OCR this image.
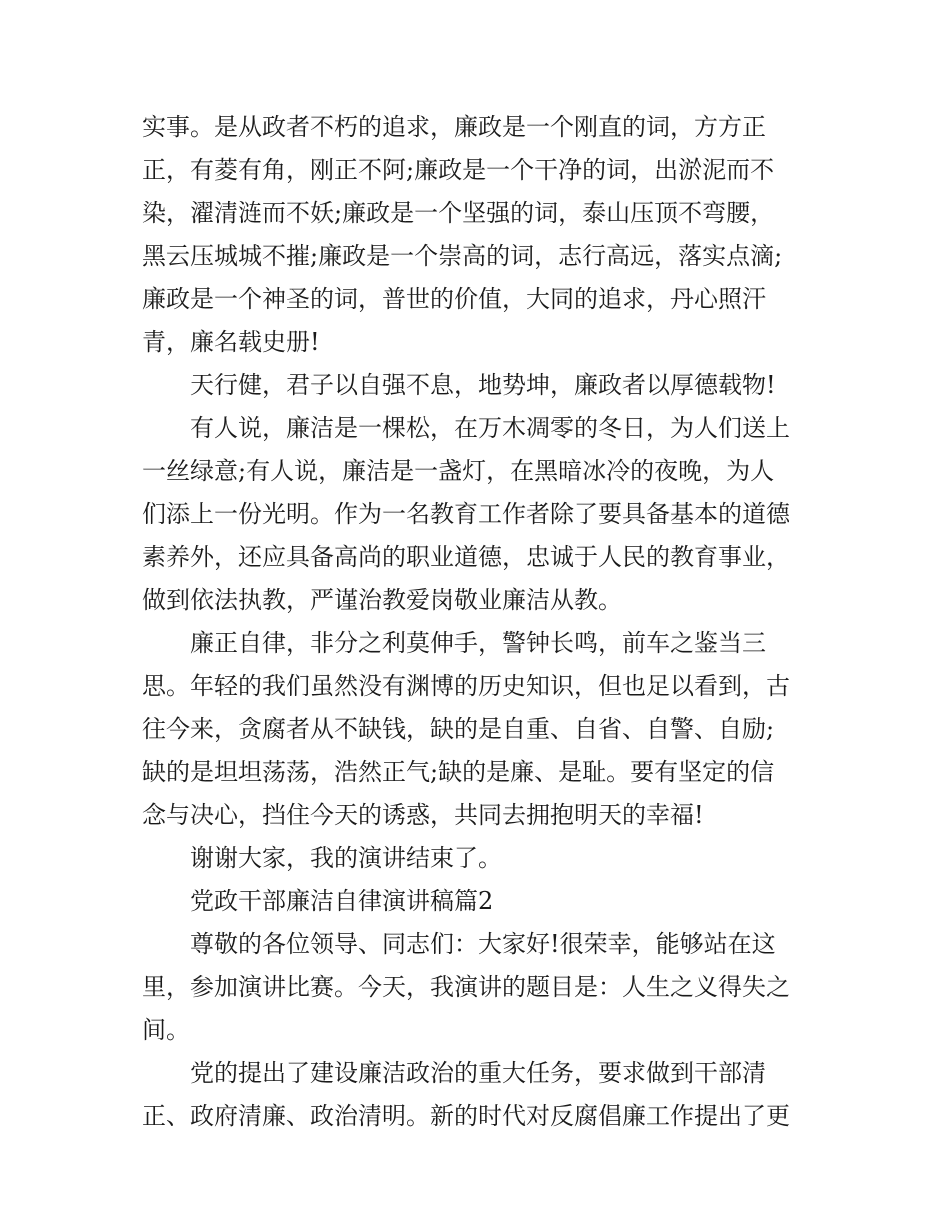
实事。是从政者不朽的追求，廉政是一个刚直的词，方方正
正，有菱有角，刚正不阿;廉政是一个干净的词，出淤泥而不
染，濯清涟而不妖;廉政是一个坚强的词，泰山压顶不弯腰，
黑云压城城不摧;廉政是一个崇高的词，志行高远，落实点滴;
廉政是一个神圣的词，普世的价值，大同的追求，丹心照汗
青，廉名载史册!
天行健，君子以自强不息，地势坤，廉政者以厚德载物!
有人说，廉洁是一棵松，在万木凋零的冬日，为人们送上
一丝绿意;有人说，廉洁是一盏灯，在黑暗冰冷的夜晚，为人
们添上一份光明。作为一名教育工作者除了要具备基本的道德
素养外，还应具备高尚的职业道德，忠诚于人民的教育事业，
做到依法执教，严谨治教爱岗敬业廉洁从教。
廉正自律，非分之利莫伸手，警钟长鸣，前车之鉴当三
思。年轻的我们虽然没有渊博的历史知识，但也足以看到，古
往今来，贪腐者从不缺钱，缺的是自重、自省、自警、自励;
缺的是坦坦荡荡，浩然正气;缺的是廉、是耻。要有坚定的信
念与决心，挡住今天的诱惑，共同去拥抱明天的幸福!
谢谢大家，我的演讲结束了。
党政干部廉洁自律演讲稿篇2
尊敬的各位领导、同志们：大家好!很荣幸，能够站在这
里，参加演讲比赛。今天，我演讲的题目是：人生之义得失之
间。
党的提出了建设廉洁政治的重大任务，要求做到干部清
正、政府清廉、政治清明。新的时代对反腐倡廉工作提出了更
